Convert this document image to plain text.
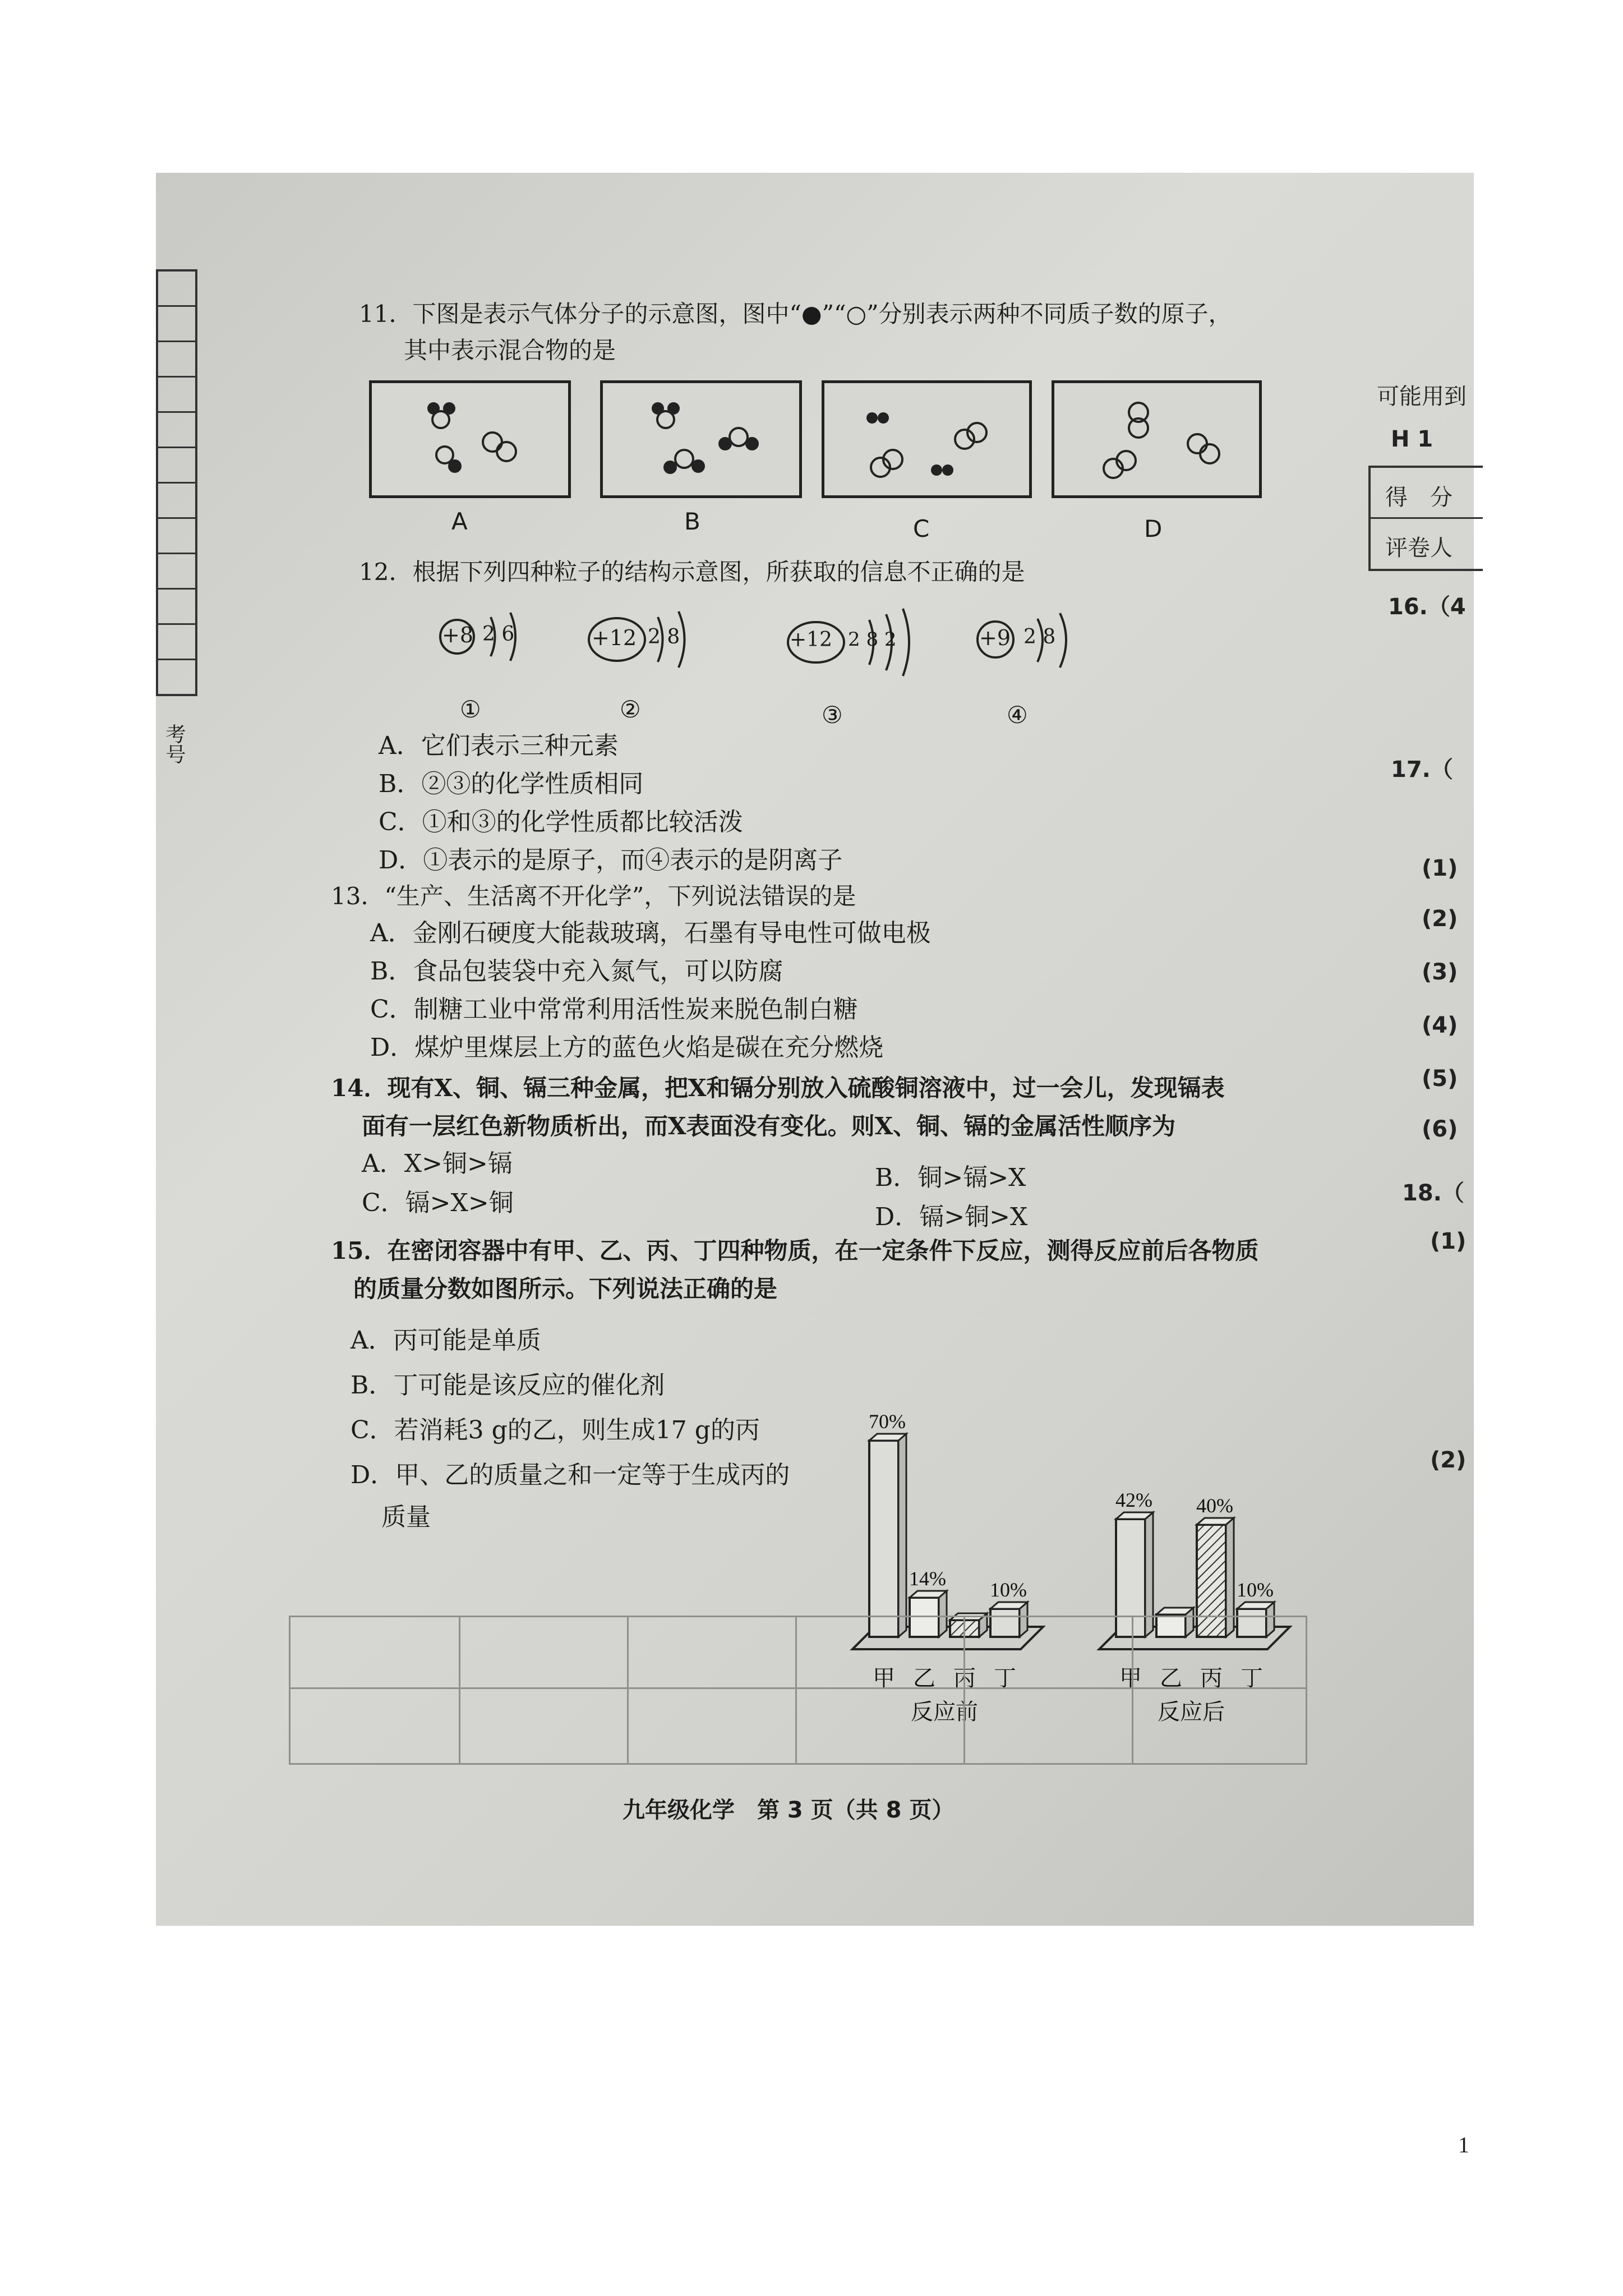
考号
11．下图是表示气体分子的示意图，图中“●”“○”分别表示两种不同质子数的原子，
其中表示混合物的是
A	B	C	D
12．根据下列四种粒子的结构示意图，所获取的信息不正确的是
+8 2 6	+12 2 8	+12 2 8 2	+9 2 8
①	②	③	④
A．它们表示三种元素
B．②③的化学性质相同
C．①和③的化学性质都比较活泼
D．①表示的是原子，而④表示的是阴离子
13．“生产、生活离不开化学”，下列说法错误的是
A．金刚石硬度大能裁玻璃，石墨有导电性可做电极
B．食品包装袋中充入氮气，可以防腐
C．制糖工业中常常利用活性炭来脱色制白糖
D．煤炉里煤层上方的蓝色火焰是碳在充分燃烧
14．现有X、铜、镉三种金属，把X和镉分别放入硫酸铜溶液中，过一会儿，发现镉表
面有一层红色新物质析出，而X表面没有变化。则X、铜、镉的金属活性顺序为
A．X>铜>镉	B．铜>镉>X
C．镉>X>铜	D．镉>铜>X
15．在密闭容器中有甲、乙、丙、丁四种物质，在一定条件下反应，测得反应前后各物质
的质量分数如图所示。下列说法正确的是
A．丙可能是单质
B．丁可能是该反应的催化剂
C．若消耗3 g的乙，则生成17 g的丙
D．甲、乙的质量之和一定等于生成丙的
质量
70%
甲
14%
乙 丙
10%
丁
反应前
42%
甲 乙
40%
丙
10%
丁
反应后
可能用到
H 1
得　分
评卷人
16.（4
17.（
(1)
(2)
(3)
(4)
(5)
(6)
18.（
(1)
(2)
九年级化学　第 3 页（共 8 页）
1
